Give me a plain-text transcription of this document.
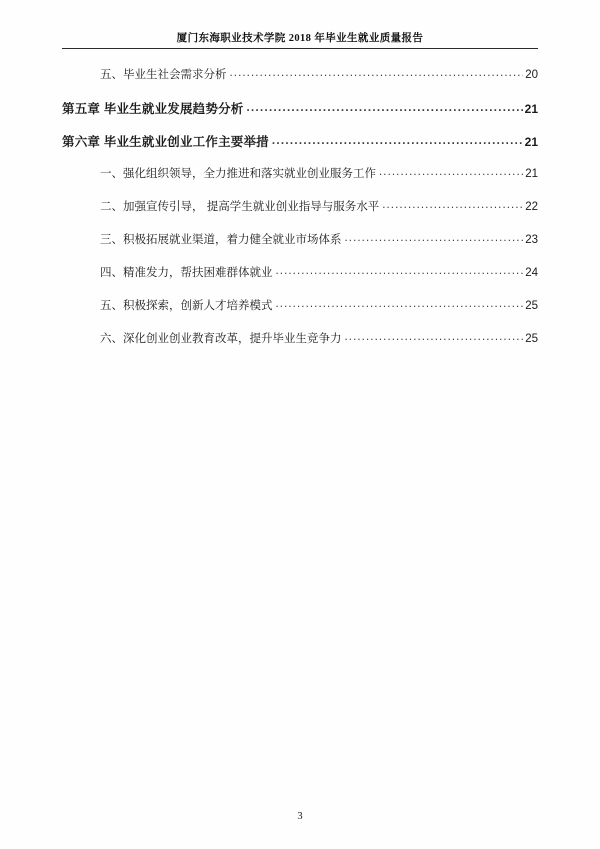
厦门东海职业技术学院 2018 年毕业生就业质量报告
五、毕业生社会需求分析 .....	20
第五章 毕业生就业发展趋势分析 .....	21
第六章 毕业生就业创业工作主要举措 .....	21
一、强化组织领导，全力推进和落实就业创业服务工作 .....	21
二、加强宣传引导， 提高学生就业创业指导与服务水平 .....	22
三、积极拓展就业渠道，着力健全就业市场体系 .....	23
四、精准发力，帮扶困难群体就业 .....	24
五、积极探索，创新人才培养模式 .....	25
六、深化创业创业教育改革，提升毕业生竞争力 .....	25
3
